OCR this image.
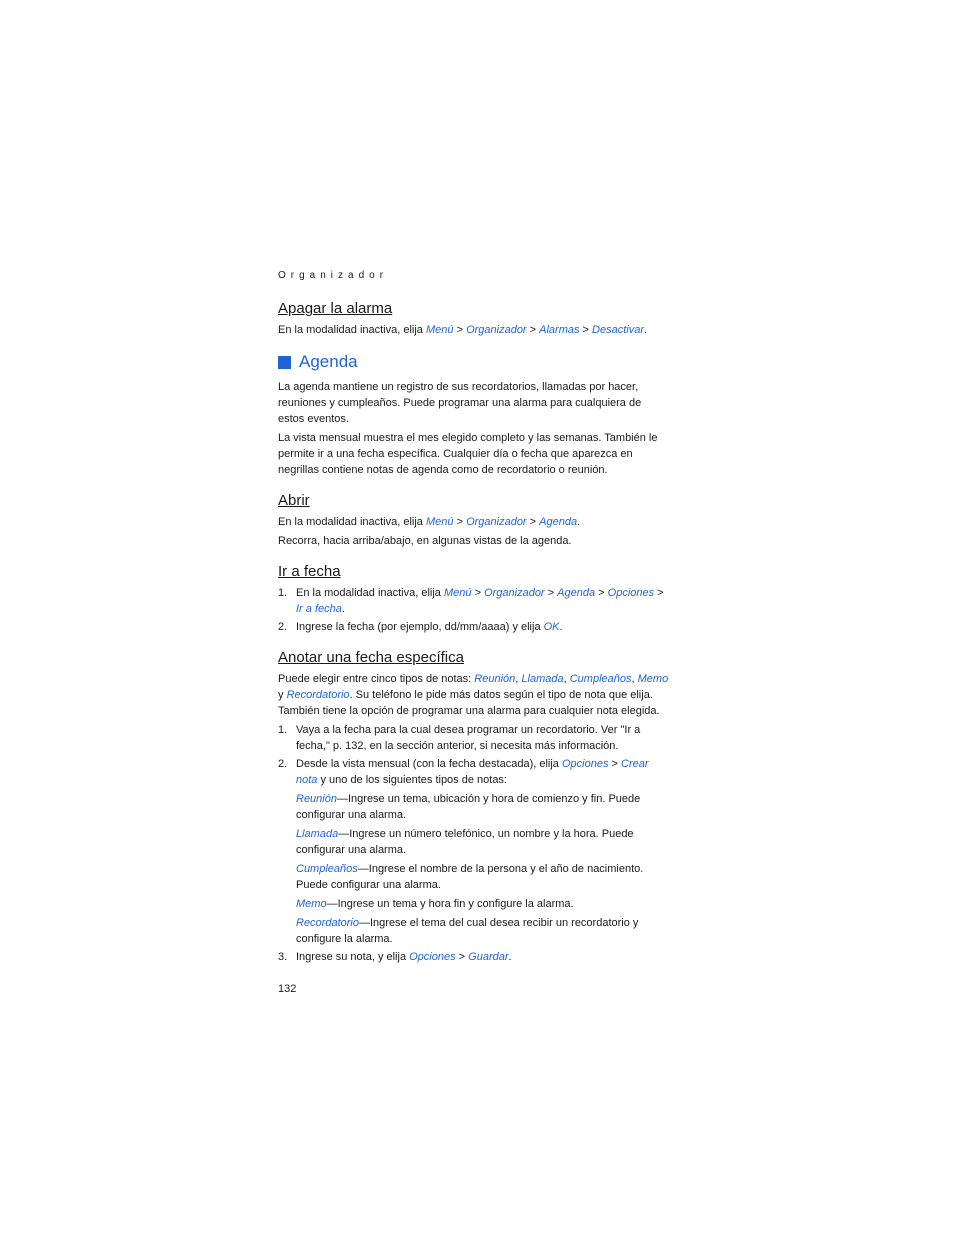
Organizador
Apagar la alarma

En la modalidad inactiva, elija Menú > Organizador > Alarmas > Desactivar.

Agenda

La agenda mantiene un registro de sus recordatorios, llamadas por hacer, reuniones y cumpleaños. Puede programar una alarma para cualquiera de estos eventos.

La vista mensual muestra el mes elegido completo y las semanas. También le permite ir a una fecha específica. Cualquier día o fecha que aparezca en negrillas contiene notas de agenda como de recordatorio o reunión.

Abrir

En la modalidad inactiva, elija Menú > Organizador > Agenda.

Recorra, hacia arriba/abajo, en algunas vistas de la agenda.

Ir a fecha
1. En la modalidad inactiva, elija Menú > Organizador > Agenda > Opciones > Ir a fecha.
2. Ingrese la fecha (por ejemplo, dd/mm/aaaa) y elija OK.
Anotar una fecha específica

Puede elegir entre cinco tipos de notas: Reunión, Llamada, Cumpleaños, Memo y Recordatorio. Su teléfono le pide más datos según el tipo de nota que elija. También tiene la opción de programar una alarma para cualquier nota elegida.

1. Vaya a la fecha para la cual desea programar un recordatorio. Ver "Ir a fecha," p. 132, en la sección anterior, si necesita más información.
2. Desde la vista mensual (con la fecha destacada), elija Opciones > Crear nota y uno de los siguientes tipos de notas:
Reunión—Ingrese un tema, ubicación y hora de comienzo y fin. Puede configurar una alarma.
Llamada—Ingrese un número telefónico, un nombre y la hora. Puede configurar una alarma.
Cumpleaños—Ingrese el nombre de la persona y el año de nacimiento. Puede configurar una alarma.
Memo—Ingrese un tema y hora fin y configure la alarma.
Recordatorio—Ingrese el tema del cual desea recibir un recordatorio y configure la alarma.
3. Ingrese su nota, y elija Opciones > Guardar.
132
